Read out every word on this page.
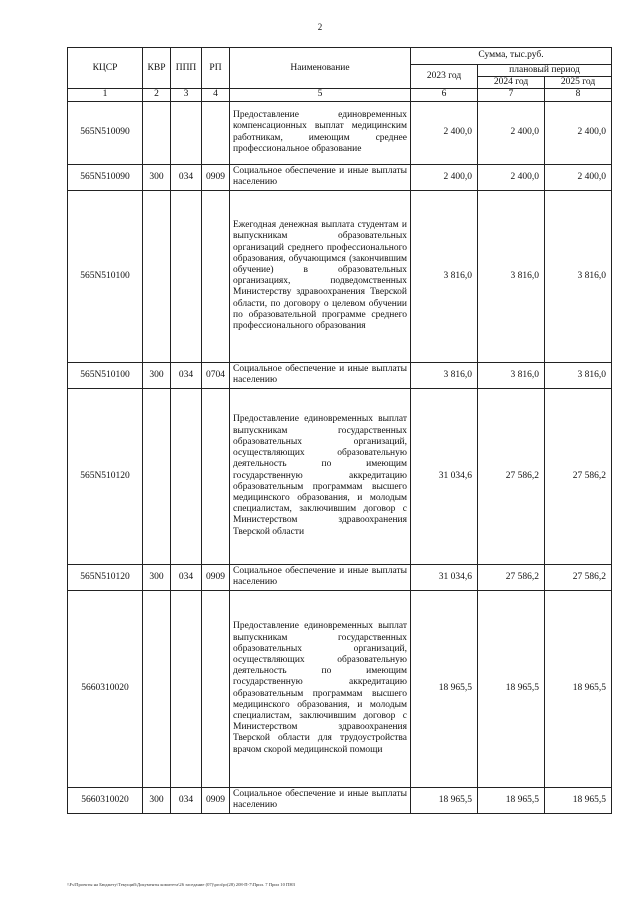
2
КЦСР	КВР	ППП	РП	Наименование	Сумма, тыс.руб.		
					2023 год	плановый период	
						2024 год	2025 год
1	2	3	4	5	6	7	8
565N510090				Предоставление единовременных компенсационных выплат медицинским работникам, имеющим среднее профессиональное образование	2 400,0	2 400,0	2 400,0
565N510090	300	034	0909	Социальное обеспечение и иные выплаты населению	2 400,0	2 400,0	2 400,0
565N510100				Ежегодная денежная выплата студентам и выпускникам образовательных организаций среднего профессионального образования, обучающимся (закончившим обучение) в образовательных организациях, подведомственных Министерству здравоохранения Тверской области, по договору о целевом обучении по образовательной программе среднего профессионального образования	3 816,0	3 816,0	3 816,0
565N510100	300	034	0704	Социальное обеспечение и иные выплаты населению	3 816,0	3 816,0	3 816,0
565N510120				Предоставление единовременных выплат выпускникам государственных образовательных организаций, осуществляющих образовательную деятельность по имеющим государственную аккредитацию образовательным программам высшего медицинского образования, и молодым специалистам, заключившим договор с Министерством здравоохранения Тверской области	31 034,6	27 586,2	27 586,2
565N510120	300	034	0909	Социальное обеспечение и иные выплаты населению	31 034,6	27 586,2	27 586,2
5660310020				Предоставление единовременных выплат выпускникам государственных образовательных организаций, осуществляющих образовательную деятельность по имеющим государственную аккредитацию образовательным программам высшего медицинского образования, и молодым специалистам, заключившим договор с Министерством здравоохранения Тверской области для трудоустройства врачом скорой медицинской помощи	18 965,5	18 965,5	18 965,5
5660310020	300	034	0909	Социальное обеспечение и иные выплаты населению	18 965,5	18 965,5	18 965,5
\\Fs\Проекты на Бюджету\Текущий\Документы комитета\26 заседание (07)\prot\pr(28) 208-П-7\Прил. 7 Прил 10 ПНЗ
